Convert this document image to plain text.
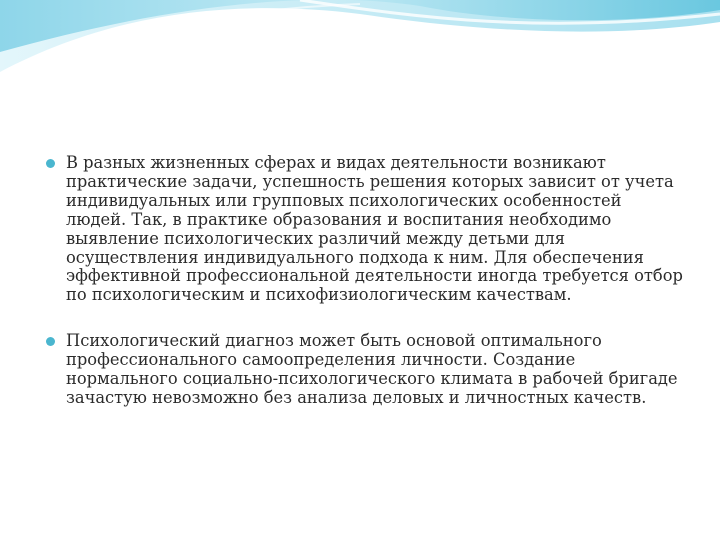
В разных жизненных сферах и видах деятельности возникают практические задачи, успешность решения которых зависит от учета индивидуальных или групповых психологических особенностей людей. Так, в практике образования и воспитания необходимо выявление психологических различий между детьми для осуществления индивидуального подхода к ним. Для обеспечения эффективной профессиональной деятельности иногда требуется отбор по психологическим и психофизиологическим качествам.
Психологический диагноз может быть основой оптимального профессионального самоопределения личности. Создание нормального социально-психологического климата в рабочей бригаде зачастую невозможно без анализа деловых и личностных качеств.
